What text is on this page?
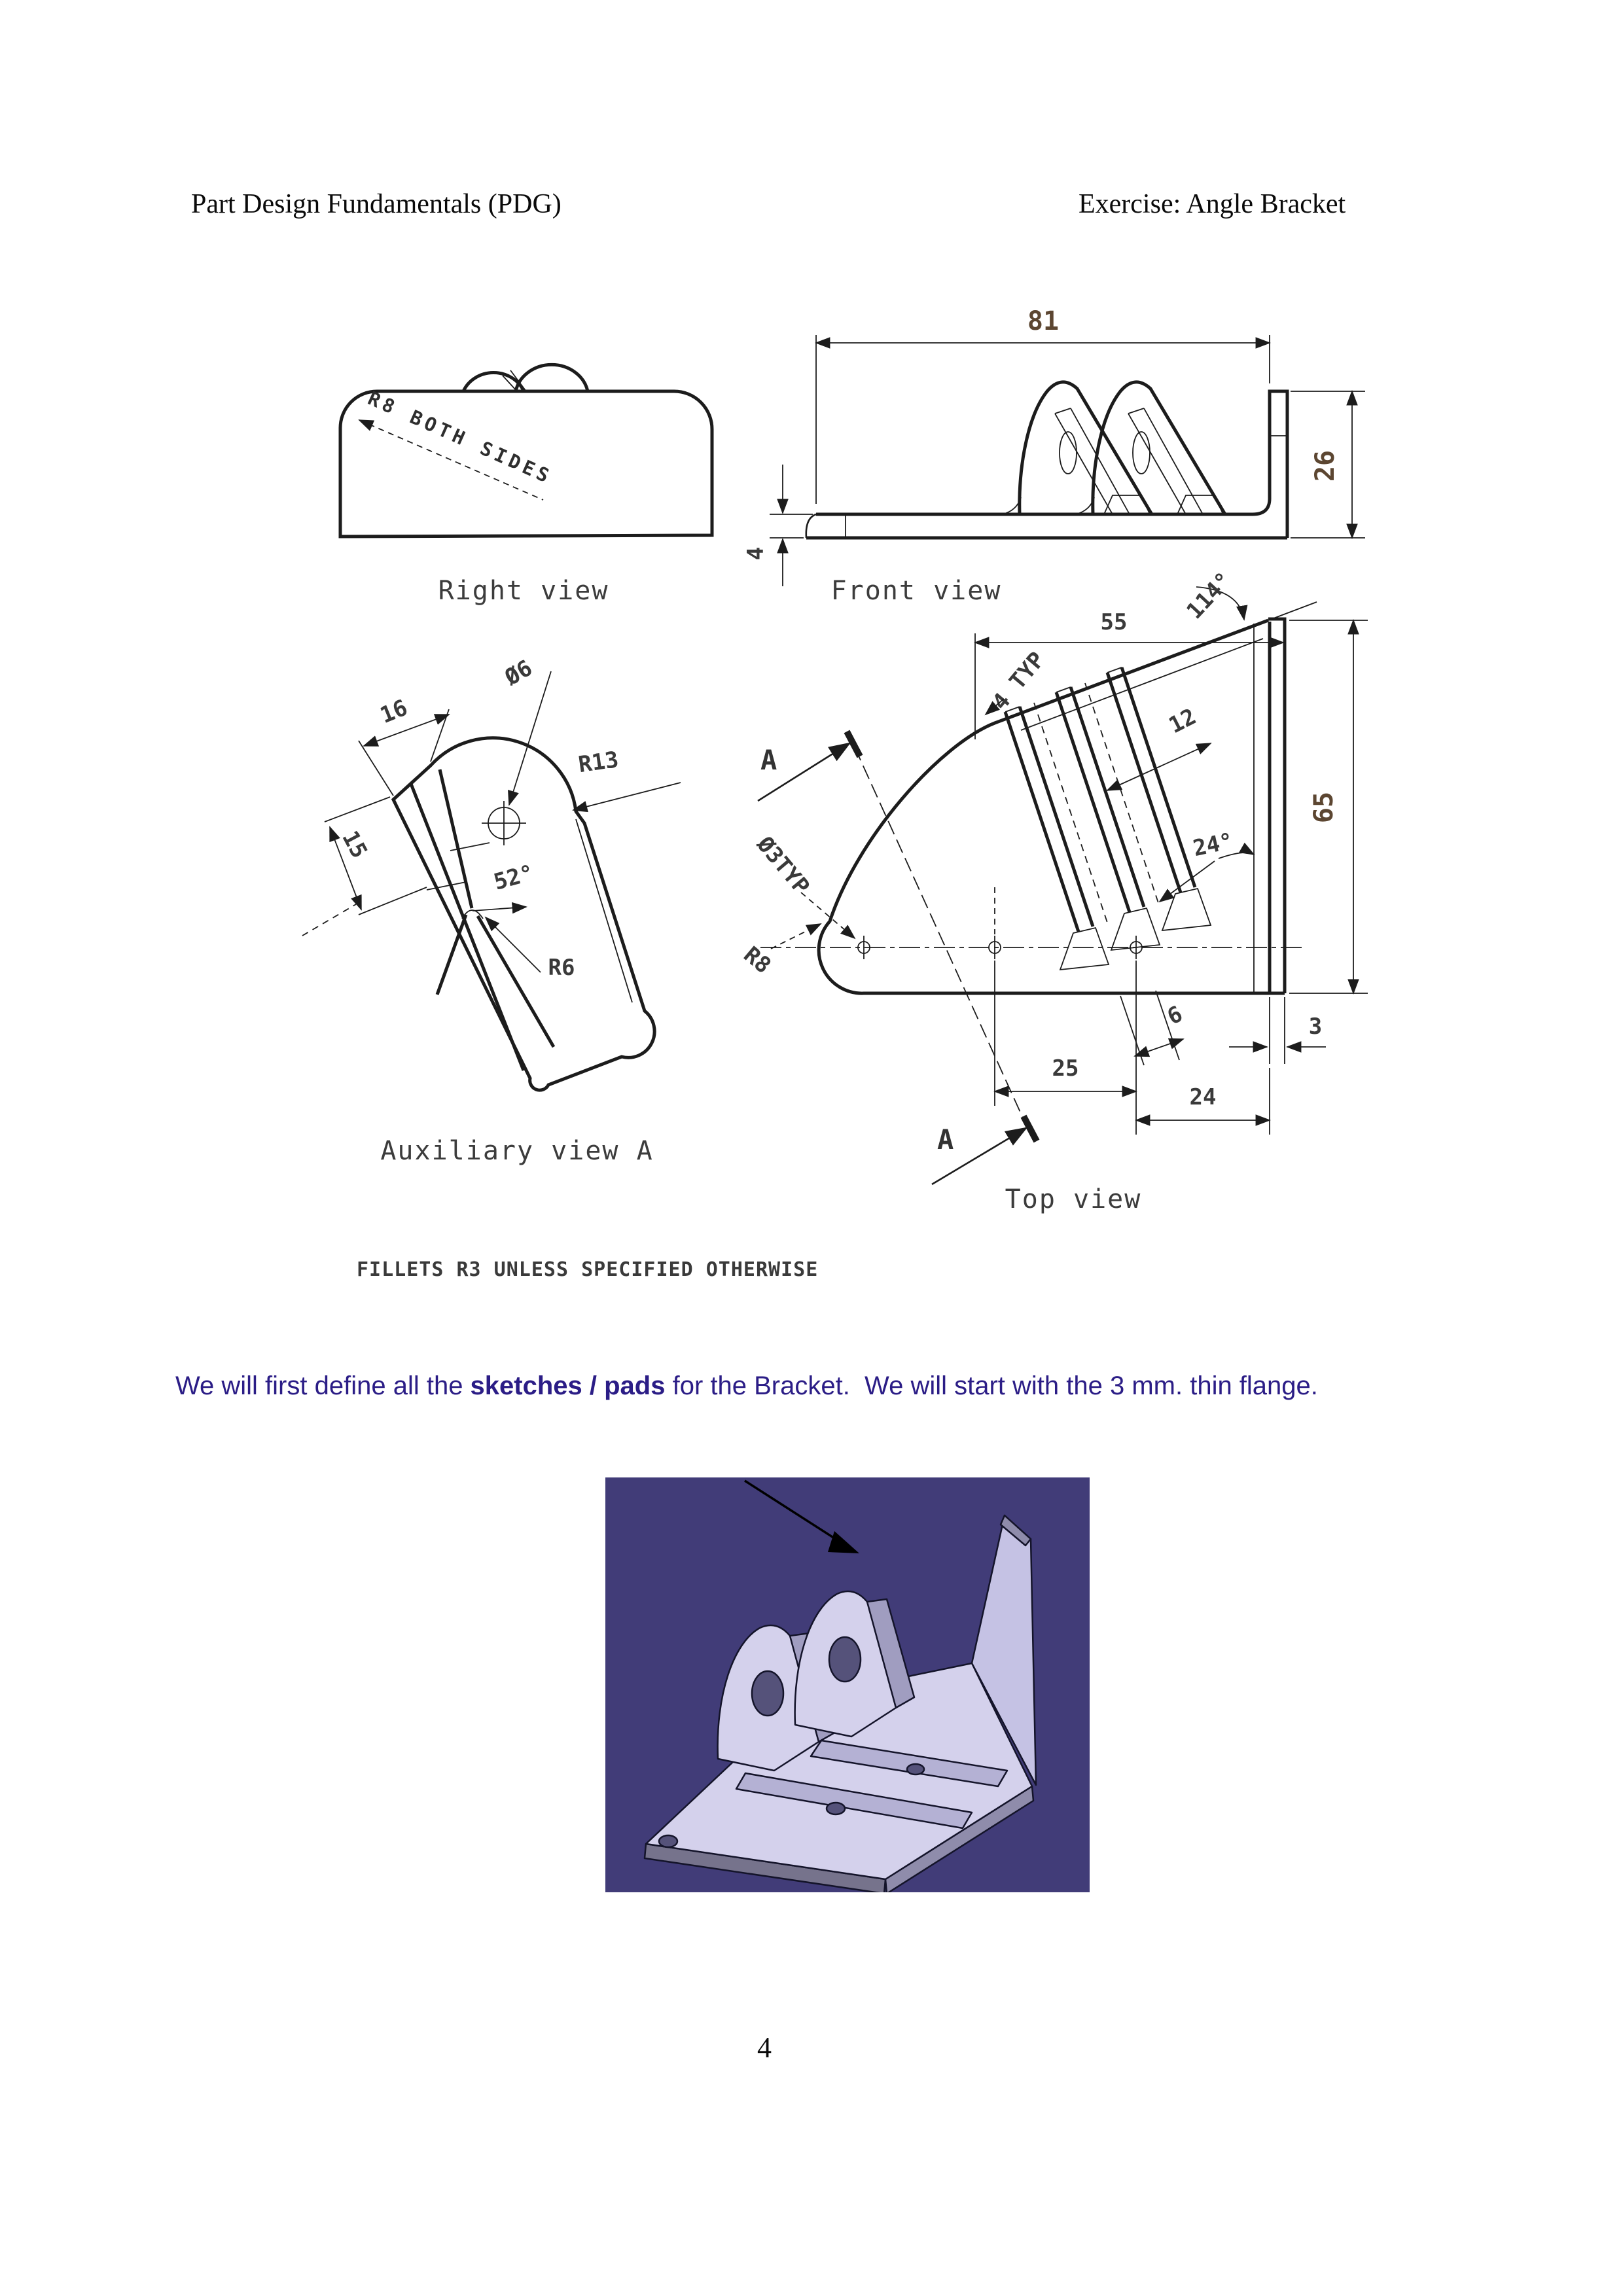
Part Design Fundamentals (PDG)	Exercise: Angle Bracket
R8 BOTH SIDES
Right view
81
26
4
Front view
55
4 TYP
A
Ø3TYP
12
24°
65
114°
3
6
25
24
A
R8
Top view
16
15
Ø6
R13
52°
R6
Auxiliary view A
FILLETS R3 UNLESS SPECIFIED OTHERWISE
We will first define all the sketches / pads for the Bracket.  We will start with the 3 mm. thin flange.
4
